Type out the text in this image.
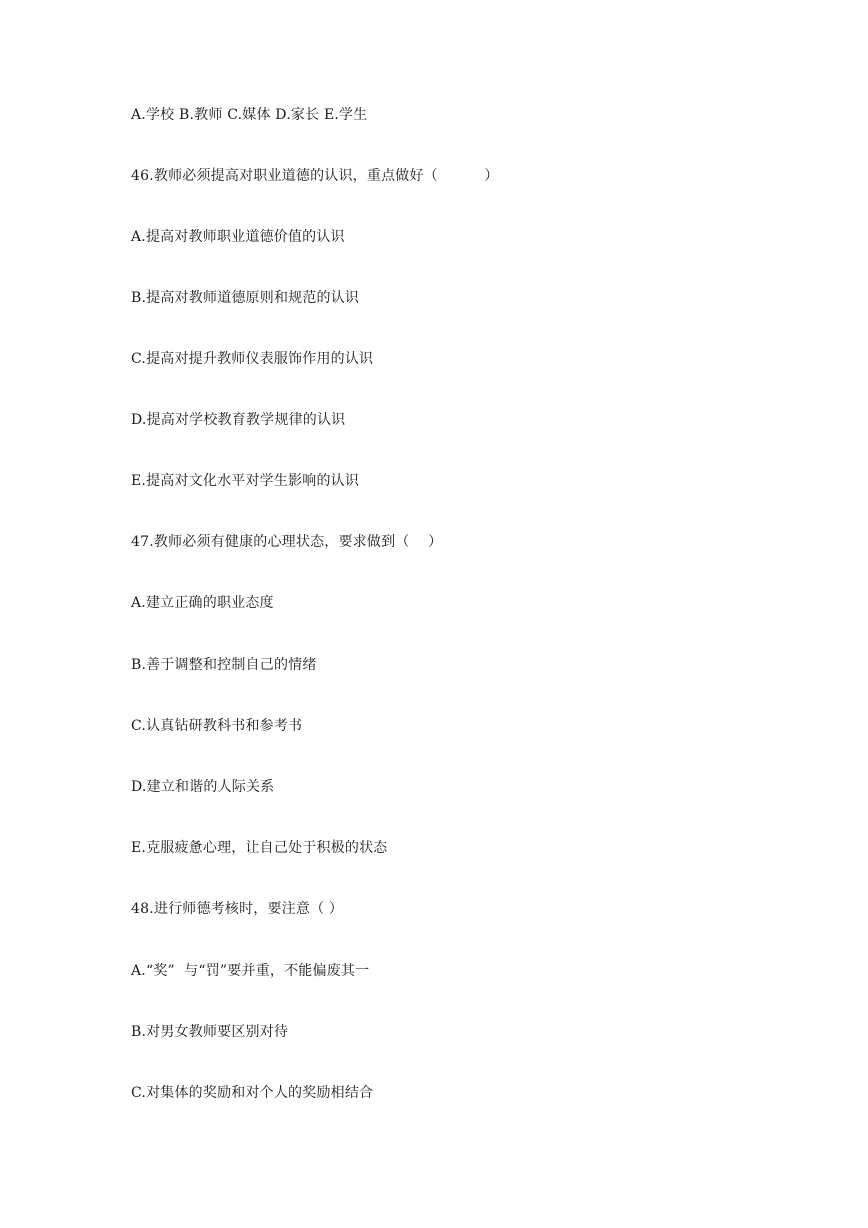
A.学校 B.教师 C.媒体 D.家长 E.学生
46.教师必须提高对职业道德的认识，重点做好（          ）
A.提高对教师职业道德价值的认识
B.提高对教师道德原则和规范的认识
C.提高对提升教师仪表服饰作用的认识
D.提高对学校教育教学规律的认识
E.提高对文化水平对学生影响的认识
47.教师必须有健康的心理状态，要求做到（    ）
A.建立正确的职业态度
B.善于调整和控制自己的情绪
C.认真钻研教科书和参考书
D.建立和谐的人际关系
E.克服疲惫心理，让自己处于积极的状态
48.进行师德考核时，要注意（ ）
A.“奖”  与“罚”要并重，不能偏废其一
B.对男女教师要区别对待
C.对集体的奖励和对个人的奖励相结合
